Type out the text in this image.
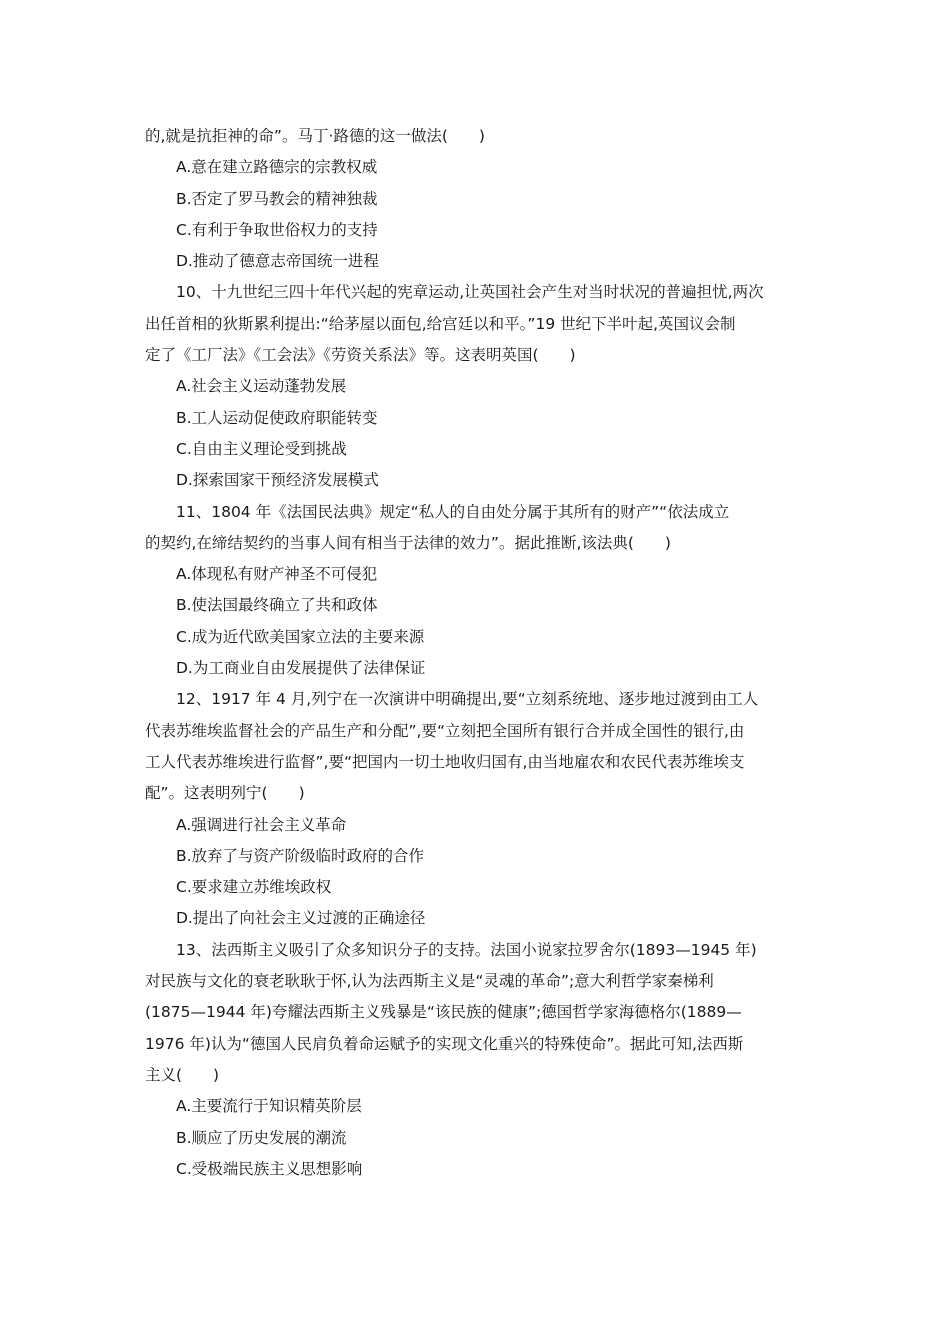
的,就是抗拒神的命”。马丁·路德的这一做法(　　)
A.意在建立路德宗的宗教权威
B.否定了罗马教会的精神独裁
C.有利于争取世俗权力的支持
D.推动了德意志帝国统一进程
10、十九世纪三四十年代兴起的宪章运动,让英国社会产生对当时状况的普遍担忧,两次
出任首相的狄斯累利提出:“给茅屋以面包,给宫廷以和平。”19 世纪下半叶起,英国议会制
定了《工厂法》《工会法》《劳资关系法》等。这表明英国(　　)
A.社会主义运动蓬勃发展
B.工人运动促使政府职能转变
C.自由主义理论受到挑战
D.探索国家干预经济发展模式
11、1804 年《法国民法典》规定“私人的自由处分属于其所有的财产”“依法成立
的契约,在缔结契约的当事人间有相当于法律的效力”。据此推断,该法典(　　)
A.体现私有财产神圣不可侵犯
B.使法国最终确立了共和政体
C.成为近代欧美国家立法的主要来源
D.为工商业自由发展提供了法律保证
12、1917 年 4 月,列宁在一次演讲中明确提出,要“立刻系统地、逐步地过渡到由工人
代表苏维埃监督社会的产品生产和分配”,要“立刻把全国所有银行合并成全国性的银行,由
工人代表苏维埃进行监督”,要“把国内一切土地收归国有,由当地雇农和农民代表苏维埃支
配”。这表明列宁(　　)
A.强调进行社会主义革命
B.放弃了与资产阶级临时政府的合作
C.要求建立苏维埃政权
D.提出了向社会主义过渡的正确途径
13、法西斯主义吸引了众多知识分子的支持。法国小说家拉罗舍尔(1893—1945 年)
对民族与文化的衰老耿耿于怀,认为法西斯主义是“灵魂的革命”;意大利哲学家秦梯利
(1875—1944 年)夸耀法西斯主义残暴是“该民族的健康”;德国哲学家海德格尔(1889—
1976 年)认为“德国人民肩负着命运赋予的实现文化重兴的特殊使命”。据此可知,法西斯
主义(　　)
A.主要流行于知识精英阶层
B.顺应了历史发展的潮流
C.受极端民族主义思想影响
